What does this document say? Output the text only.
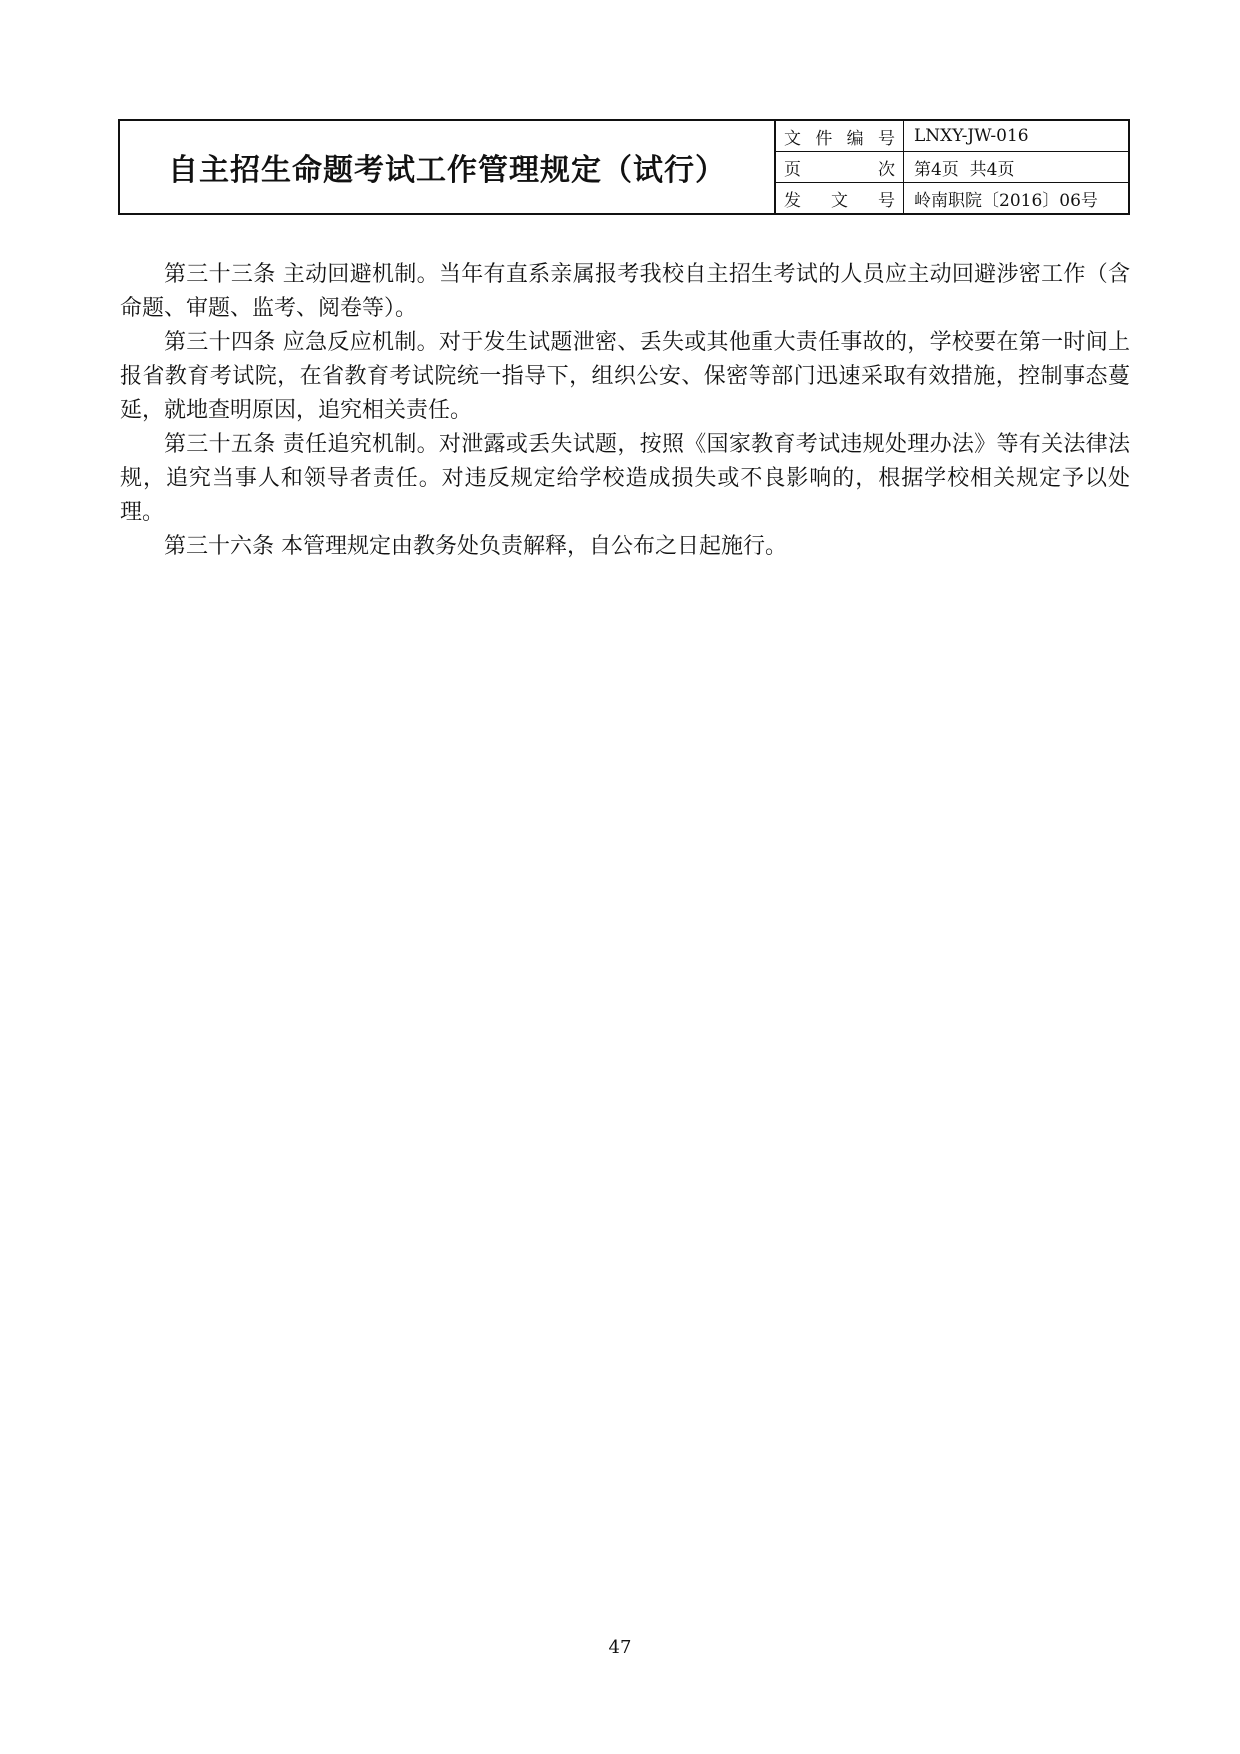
自主招生命题考试工作管理规定（试行）
文 件 编 号	LNXY-JW-016
页	次	第4页  共4页
发 文 号	岭南职院〔2016〕06号

第三十三条 主动回避机制。当年有直系亲属报考我校自主招生考试的人员应主动回避涉密工作（含命题、审题、监考、阅卷等）。

第三十四条 应急反应机制。对于发生试题泄密、丢失或其他重大责任事故的，学校要在第一时间上报省教育考试院，在省教育考试院统一指导下，组织公安、保密等部门迅速采取有效措施，控制事态蔓延，就地查明原因，追究相关责任。

第三十五条 责任追究机制。对泄露或丢失试题，按照《国家教育考试违规处理办法》等有关法律法规，追究当事人和领导者责任。对违反规定给学校造成损失或不良影响的，根据学校相关规定予以处理。

第三十六条 本管理规定由教务处负责解释，自公布之日起施行。

47
